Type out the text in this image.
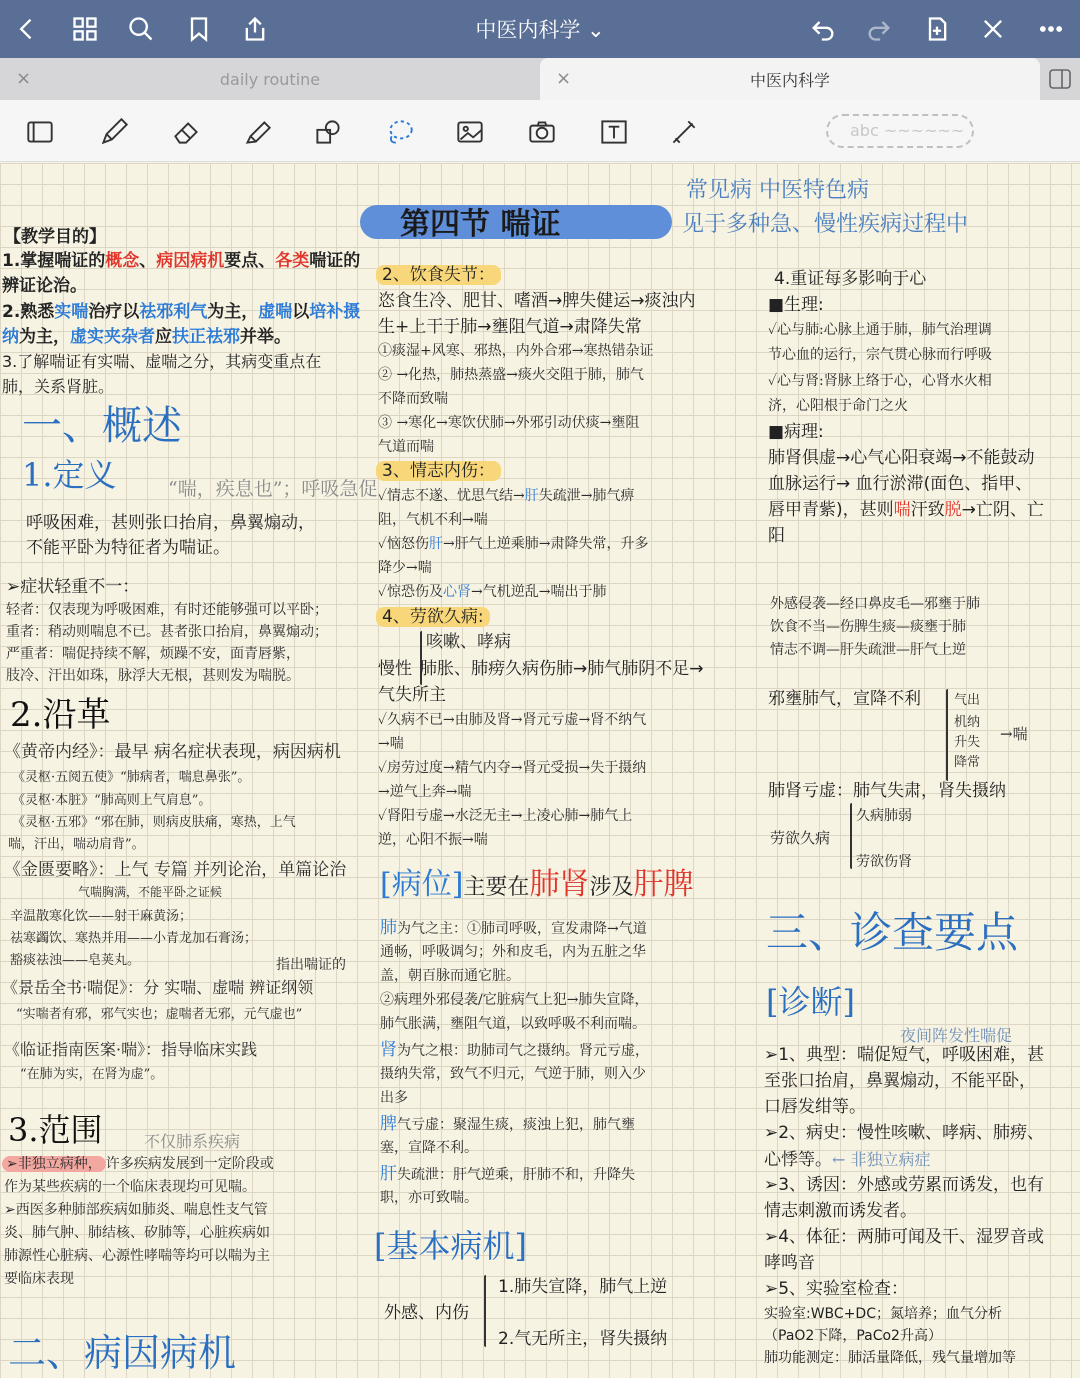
中医内科学 ⌄
×	daily routine	×	中医内科学
abc ~~~~~~
【教学目的】
1.掌握喘证的概念、病因病机要点、各类喘证的
辨证论治。
2.熟悉实喘治疗以祛邪利气为主，虚喘以培补摄
纳为主，虚实夹杂者应扶正祛邪并举。
3.了解喘证有实喘、虚喘之分，其病变重点在
肺，关系肾脏。
一、概述
1.定义	“喘，疾息也”；呼吸急促
呼吸困难，甚则张口抬肩，鼻翼煽动，
不能平卧为特征者为喘证。
➢症状轻重不一：
轻者：仅表现为呼吸困难，有时还能够强可以平卧；
重者：稍动则喘息不已。甚者张口抬肩，鼻翼煽动；
严重者：喘促持续不解，烦躁不安，面青唇紫，
肢冷、汗出如珠，脉浮大无根，甚则发为喘脱。
2.沿革
《黄帝内经》：最早 病名症状表现，病因病机
《灵枢·五阅五使》“肺病者，喘息鼻张”。
《灵枢·本脏》“肺高则上气肩息”。
《灵枢·五邪》“邪在肺，则病皮肤痛，寒热，上气
喘，汗出，喘动肩背”。
《金匮要略》：上气 专篇 并列论治，单篇论治
气喘胸满，不能平卧之证候
辛温散寒化饮——射干麻黄汤；
祛寒蠲饮、寒热并用——小青龙加石膏汤；
豁痰祛浊——皂荚丸。	指出喘证的
《景岳全书·喘促》：分 实喘、虚喘 辨证纲领
“实喘者有邪，邪气实也；虚喘者无邪，元气虚也”
《临证指南医案·喘》：指导临床实践
“在肺为实，在肾为虚”。
3.范围	不仅肺系疾病
➢非独立病种， 许多疾病发展到一定阶段或
作为某些疾病的一个临床表现均可见喘。
➢西医多种肺部疾病如肺炎、喘息性支气管
炎、肺气肿、肺结核、矽肺等，心脏疾病如
肺源性心脏病、心源性哮喘等均可以喘为主
要临床表现
二、病因病机
第四节 喘证
常见病 中医特色病
见于多种急、慢性疾病过程中
2、饮食失节：
恣食生冷、肥甘、嗜酒→脾失健运→痰浊内
生+上干于肺→壅阻气道→肃降失常
①痰湿+风寒、邪热，内外合邪→寒热错杂证
② →化热，肺热蒸盛→痰火交阻于肺，肺气
不降而致喘
③ →寒化→寒饮伏肺→外邪引动伏痰→壅阻
气道而喘
3、情志内伤：
✓情志不遂、忧思气结→肝失疏泄→肺气痹
阻，气机不利→喘
✓恼怒伤肝→肝气上逆乘肺→肃降失常，升多
降少→喘
✓惊恐伤及心肾→气机逆乱→喘出于肺
4、劳欲久病:
咳嗽、哮病
慢性 肺胀、肺痨久病伤肺→肺气肺阴不足→
气失所主
✓久病不已→由肺及肾→肾元亏虚→肾不纳气
→喘
✓房劳过度→精气内夺→肾元受损→失于摄纳
→逆气上奔→喘
✓肾阳亏虚→水泛无主→上凌心肺→肺气上
逆，心阳不振→喘
[病位]主要在肺肾涉及肝脾
肺为气之主：①肺司呼吸，宣发肃降→气道
通畅，呼吸调匀；外和皮毛，内为五脏之华
盖，朝百脉而通它脏。
②病理外邪侵袭/它脏病气上犯→肺失宣降，
肺气胀满，壅阻气道，以致呼吸不利而喘。
肾为气之根：助肺司气之摄纳。肾元亏虚，
摄纳失常，致气不归元，气逆于肺，则入少
出多
脾气亏虚：聚湿生痰，痰浊上犯，肺气壅
塞，宣降不利。
肝失疏泄：肝气逆乘，肝肺不和，升降失
职，亦可致喘。
[基本病机]
外感、内伤
1.肺失宣降，肺气上逆
2.气无所主，肾失摄纳
4.重证每多影响于心
■生理:
✓心与肺:心脉上通于肺，肺气治理调
节心血的运行，宗气贯心脉而行呼吸
✓心与肾:肾脉上络于心，心肾水火相
济，心阳根于命门之火
■病理:
肺肾俱虚→心气心阳衰竭→不能鼓动
血脉运行→ 血行淤滞(面色、指甲、
唇甲青紫)，甚则喘汗致脱→亡阴、亡
阳
外感侵袭—经口鼻皮毛—邪壅于肺
饮食不当—伤脾生痰—痰壅于肺
情志不调—肝失疏泄—肝气上逆
邪壅肺气，宣降不利	气出
机纳
升失
降常
→喘
肺肾亏虚：肺气失肃，肾失摄纳
劳欲久病
久病肺弱
劳欲伤肾
三、诊查要点
[诊断]
夜间阵发性喘促
➢1、典型：喘促短气，呼吸困难，甚
至张口抬肩，鼻翼煽动，不能平卧，
口唇发绀等。
➢2、病史：慢性咳嗽、哮病、肺痨、
心悸等。← 非独立病症
➢3、诱因：外感或劳累而诱发，也有
情志刺激而诱发者。
➢4、体征：两肺可闻及干、湿罗音或
哮鸣音
➢5、实验室检查：
实验室:WBC+DC；氮培养；血气分析
（PaO2下降，PaCo2升高）
肺功能测定：肺活量降低，残气量增加等
